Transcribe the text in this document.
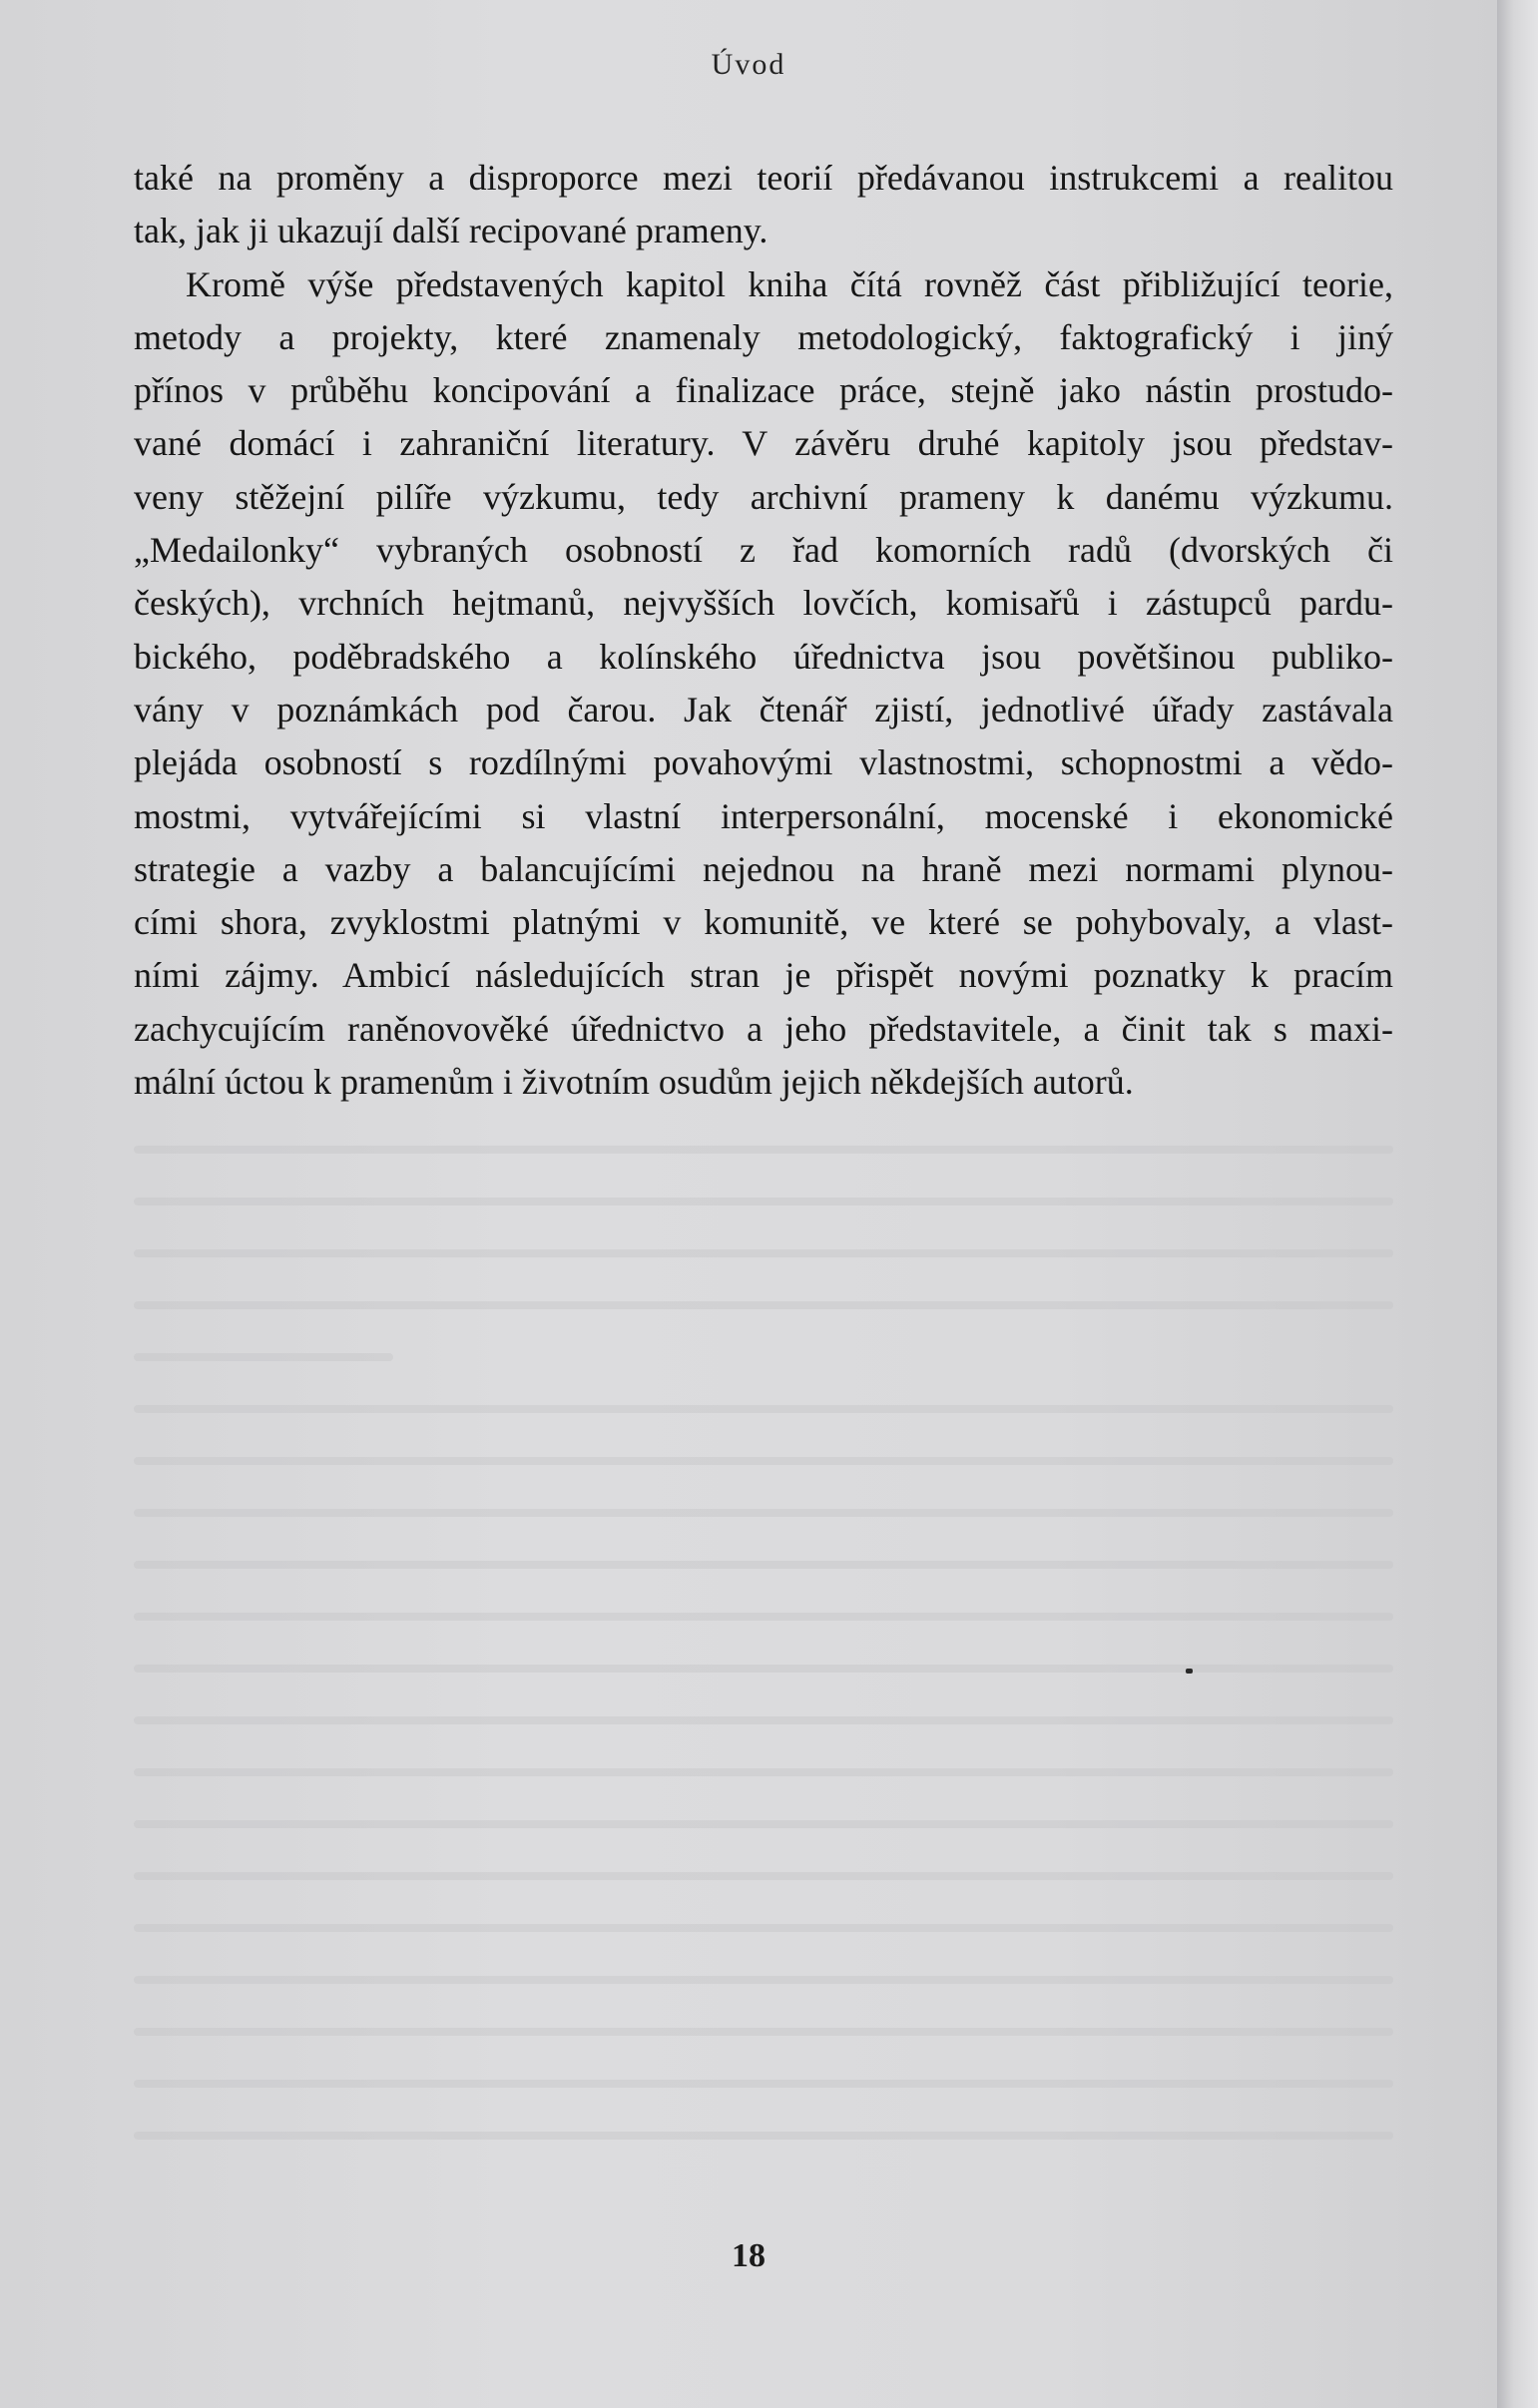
Úvod

také na proměny a disproporce mezi teorií předávanou instrukcemi a realitou
tak, jak ji ukazují další recipované prameny.

Kromě výše představených kapitol kniha čítá rovněž část přibližující teorie,
metody a projekty, které znamenaly metodologický, faktografický i jiný
přínos v průběhu koncipování a finalizace práce, stejně jako nástin prostudo-
vané domácí i zahraniční literatury. V závěru druhé kapitoly jsou představ-
veny stěžejní pilíře výzkumu, tedy archivní prameny k danému výzkumu.
„Medailonky“ vybraných osobností z řad komorních radů (dvorských či
českých), vrchních hejtmanů, nejvyšších lovčích, komisařů i zástupců pardu-
bického, poděbradského a kolínského úřednictva jsou povětšinou publiko-
vány v poznámkách pod čarou. Jak čtenář zjistí, jednotlivé úřady zastávala
plejáda osobností s rozdílnými povahovými vlastnostmi, schopnostmi a vědo-
mostmi, vytvářejícími si vlastní interpersonální, mocenské i ekonomické
strategie a vazby a balancujícími nejednou na hraně mezi normami plynou-
cími shora, zvyklostmi platnými v komunitě, ve které se pohybovaly, a vlast-
ními zájmy. Ambicí následujících stran je přispět novými poznatky k pracím
zachycujícím raněnovověké úřednictvo a jeho představitele, a činit tak s maxi-
mální úctou k pramenům i životním osudům jejich někdejších autorů.

18
